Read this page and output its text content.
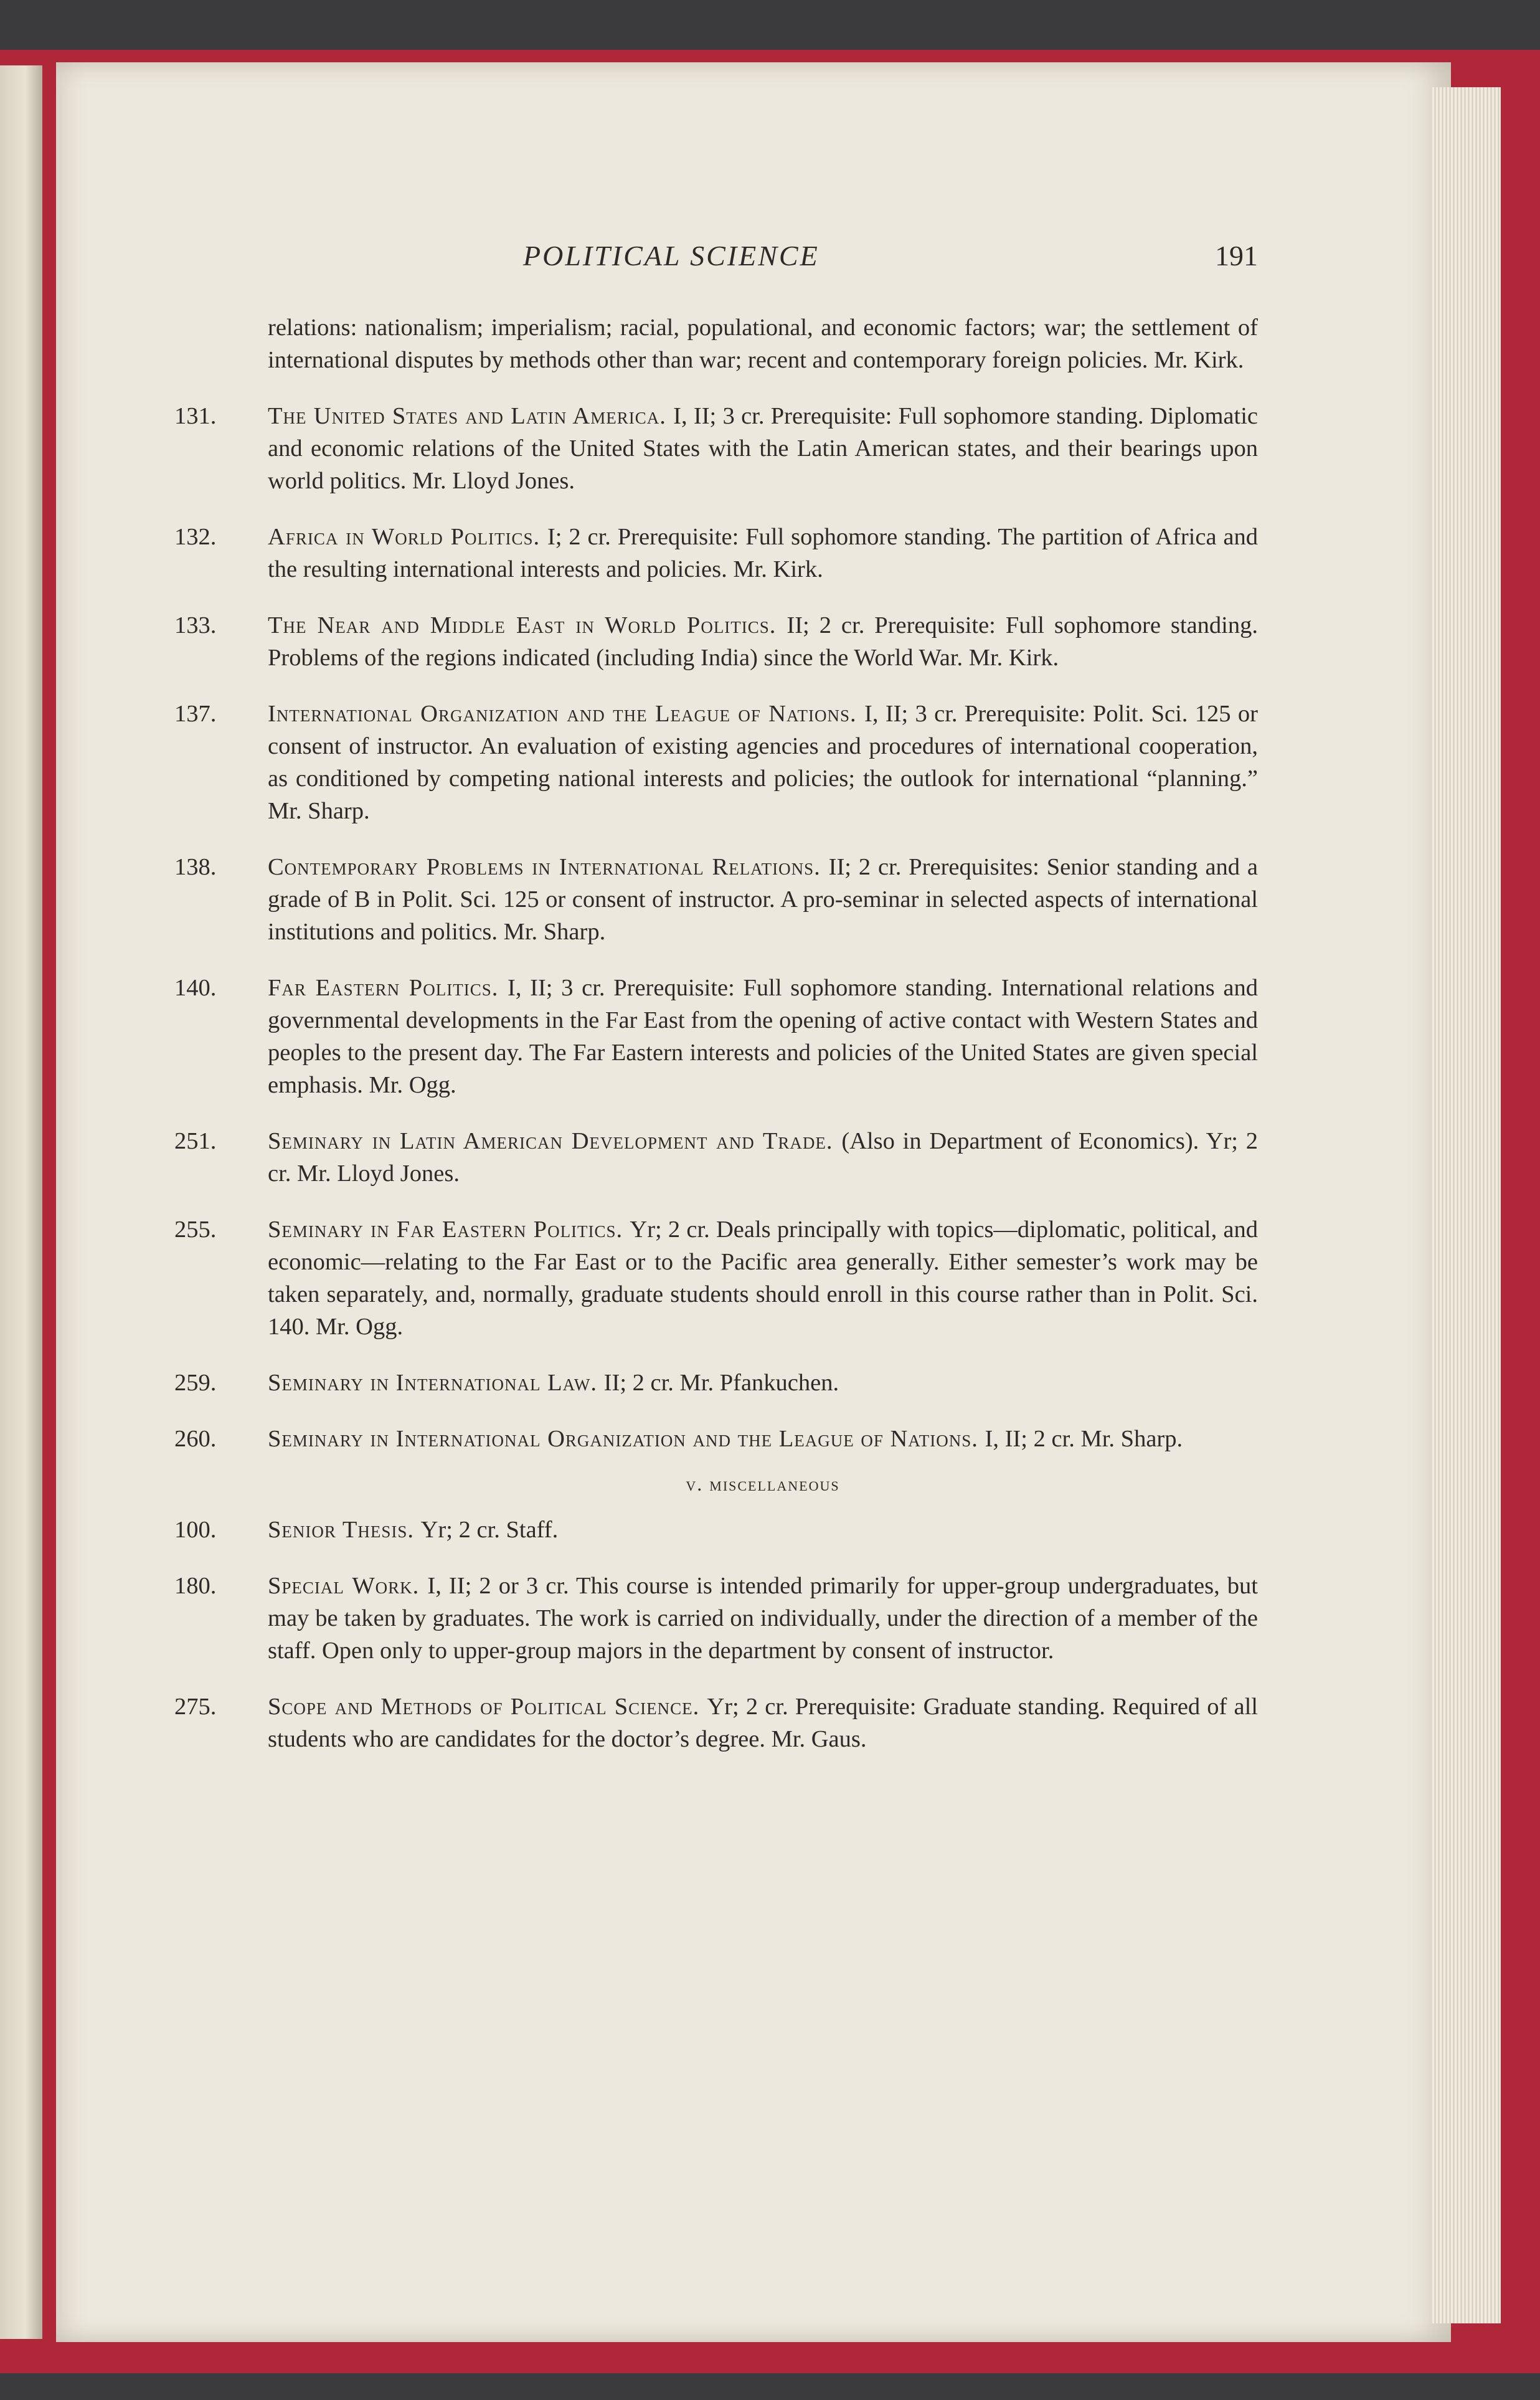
POLITICAL SCIENCE	191
relations: nationalism; imperialism; racial, populational, and economic factors; war; the settlement of international disputes by methods other than war; recent and contemporary foreign policies. Mr. Kirk.
131.	The United States and Latin America. I, II; 3 cr. Prerequisite: Full sophomore standing. Diplomatic and economic relations of the United States with the Latin American states, and their bearings upon world politics. Mr. Lloyd Jones.
132.	Africa in World Politics. I; 2 cr. Prerequisite: Full sophomore standing. The partition of Africa and the resulting international interests and policies. Mr. Kirk.
133.	The Near and Middle East in World Politics. II; 2 cr. Prerequisite: Full sophomore standing. Problems of the regions indicated (including India) since the World War. Mr. Kirk.
137.	International Organization and the League of Nations. I, II; 3 cr. Prerequisite: Polit. Sci. 125 or consent of instructor. An evaluation of existing agencies and procedures of international cooperation, as conditioned by competing national interests and policies; the outlook for international “planning.” Mr. Sharp.
138.	Contemporary Problems in International Relations. II; 2 cr. Prerequisites: Senior standing and a grade of B in Polit. Sci. 125 or consent of instructor. A pro-seminar in selected aspects of international institutions and politics. Mr. Sharp.
140.	Far Eastern Politics. I, II; 3 cr. Prerequisite: Full sophomore standing. International relations and governmental developments in the Far East from the opening of active contact with Western States and peoples to the present day. The Far Eastern interests and policies of the United States are given special emphasis. Mr. Ogg.
251.	Seminary in Latin American Development and Trade. (Also in Department of Economics). Yr; 2 cr. Mr. Lloyd Jones.
255.	Seminary in Far Eastern Politics. Yr; 2 cr. Deals principally with topics—diplomatic, political, and economic—relating to the Far East or to the Pacific area generally. Either semester’s work may be taken separately, and, normally, graduate students should enroll in this course rather than in Polit. Sci. 140. Mr. Ogg.
259.	Seminary in International Law. II; 2 cr. Mr. Pfankuchen.
260.	Seminary in International Organization and the League of Nations. I, II; 2 cr. Mr. Sharp.
v. miscellaneous
100.	Senior Thesis. Yr; 2 cr. Staff.
180.	Special Work. I, II; 2 or 3 cr. This course is intended primarily for upper-group undergraduates, but may be taken by graduates. The work is carried on individually, under the direction of a member of the staff. Open only to upper-group majors in the department by consent of instructor.
275.	Scope and Methods of Political Science. Yr; 2 cr. Prerequisite: Graduate standing. Required of all students who are candidates for the doctor’s degree. Mr. Gaus.
